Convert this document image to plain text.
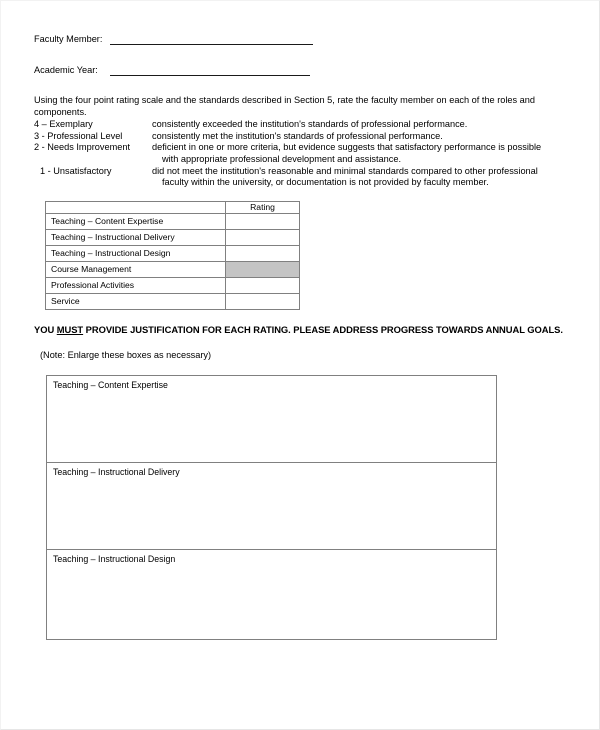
Faculty Member:
Academic Year:
Using the four point rating scale and the standards described in Section 5, rate the faculty member on each of the roles and components.
4 – Exemplary	consistently exceeded the institution's standards of professional performance.
3 - Professional Level	consistently met the institution's standards of professional performance.
2 - Needs Improvement	deficient in one or more criteria, but evidence suggests that satisfactory performance is possible
with appropriate professional development and assistance.
1 - Unsatisfactory	did not meet the institution's reasonable and minimal standards compared to other professional
faculty within the university, or documentation is not provided by faculty member.
	Rating
Teaching – Content Expertise	
Teaching – Instructional Delivery	
Teaching – Instructional Design	
Course Management	
Professional Activities	
Service	
YOU MUST PROVIDE JUSTIFICATION FOR EACH RATING. PLEASE ADDRESS PROGRESS TOWARDS ANNUAL GOALS.
(Note: Enlarge these boxes as necessary)
Teaching – Content Expertise
Teaching – Instructional Delivery
Teaching – Instructional Design
